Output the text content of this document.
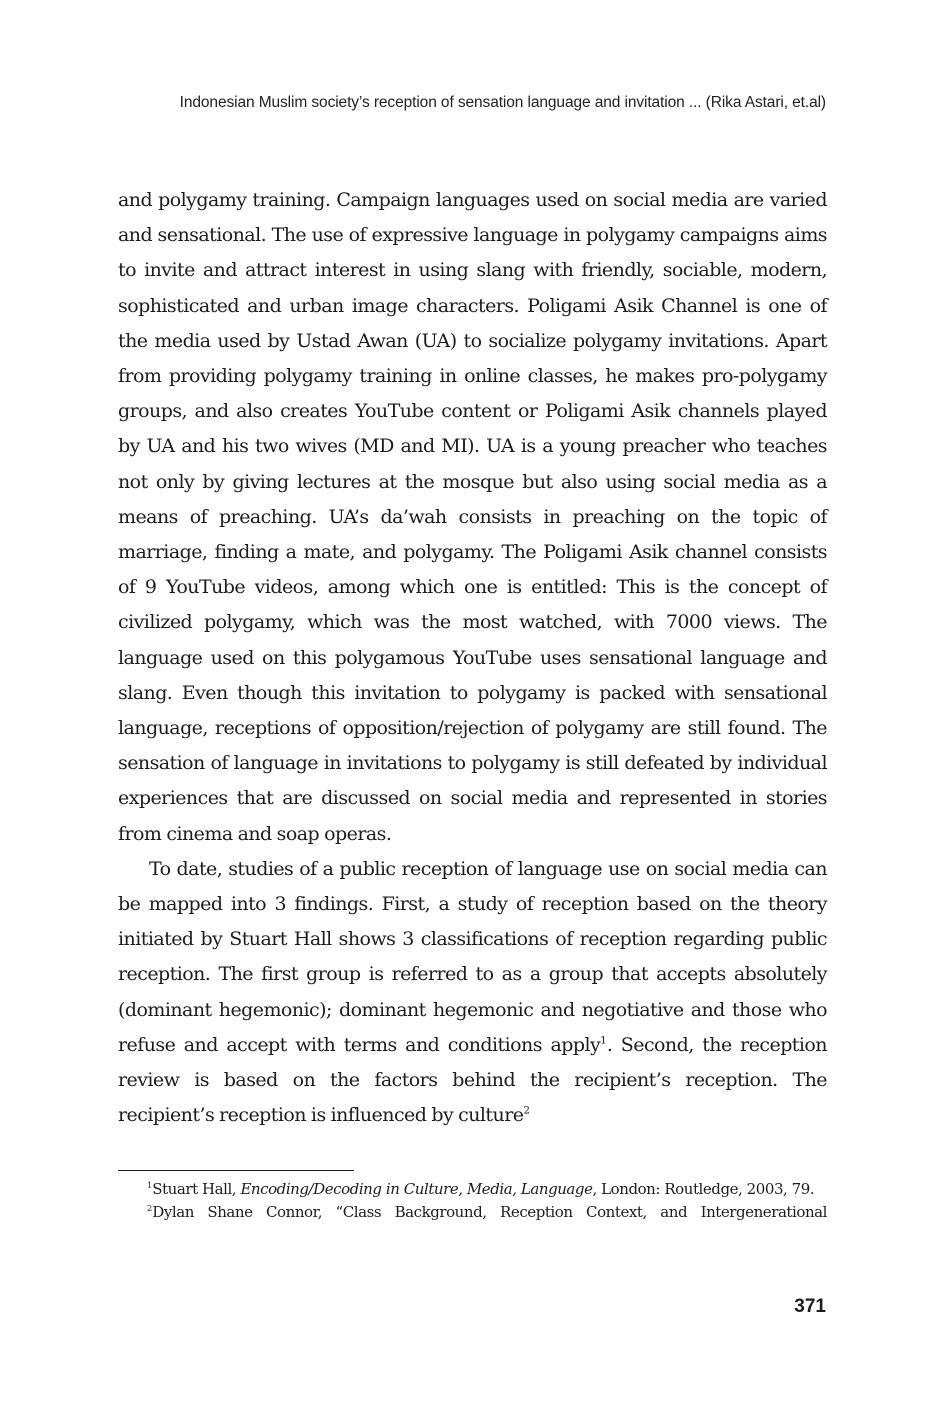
Indonesian Muslim society’s reception of sensation language and invitation ... (Rika Astari, et.al)

and polygamy training. Campaign languages used on social media are varied and sensational. The use of expressive language in polygamy campaigns aims to invite and attract interest in using slang with friendly, sociable, modern, sophisticated and urban image characters. Poligami Asik Channel is one of the media used by Ustad Awan (UA) to socialize polygamy invitations. Apart from providing polygamy training in online classes, he makes pro-polygamy groups, and also creates YouTube content or Poligami Asik channels played by UA and his two wives (MD and MI). UA is a young preacher who teaches not only by giving lectures at the mosque but also using social media as a means of preaching. UA’s da’wah consists in preaching on the topic of marriage, finding a mate, and polygamy. The Poligami Asik channel consists of 9 YouTube videos, among which one is entitled: This is the concept of civilized polygamy, which was the most watched, with 7000 views. The language used on this polygamous YouTube uses sensational language and slang. Even though this invitation to polygamy is packed with sensational language, receptions of opposition/rejection of polygamy are still found. The sensation of language in invitations to polygamy is still defeated by individual experiences that are discussed on social media and represented in stories from cinema and soap operas.

To date, studies of a public reception of language use on social media can be mapped into 3 findings. First, a study of reception based on the theory initiated by Stuart Hall shows 3 classifications of reception regarding public reception. The first group is referred to as a group that accepts absolutely (dominant hegemonic); dominant hegemonic and negotiative and those who refuse and accept with terms and conditions apply$^1$. Second, the reception review is based on the factors behind the recipient’s reception. The recipient’s reception is influenced by culture$^2$

$^1$Stuart Hall, Encoding/Decoding in Culture, Media, Language, London: Routledge, 2003, 79.

$^2$Dylan Shane Connor, “Class Background, Reception Context, and Intergenerational

371
